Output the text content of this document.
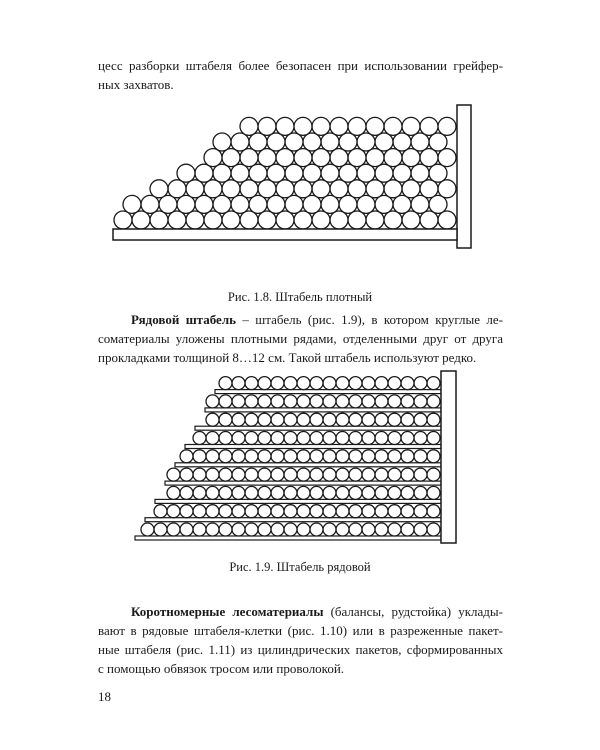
цесс разборки штабеля более безопасен при использовании грейфер-
ных захватов.
Рис. 1.8. Штабель плотный
Рядовой штабель – штабель (рис. 1.9), в котором круглые ле-
соматериалы уложены плотными рядами, отделенными друг от друга
прокладками толщиной 8…12 см. Такой штабель используют редко.
Рис. 1.9. Штабель рядовой
Коротномерные лесоматериалы (балансы, рудстойка) уклады-
вают в рядовые штабеля-клетки (рис. 1.10) или в разреженные пакет-
ные штабеля (рис. 1.11) из цилиндрических пакетов, сформированных
с помощью обвязок тросом или проволокой.
18
